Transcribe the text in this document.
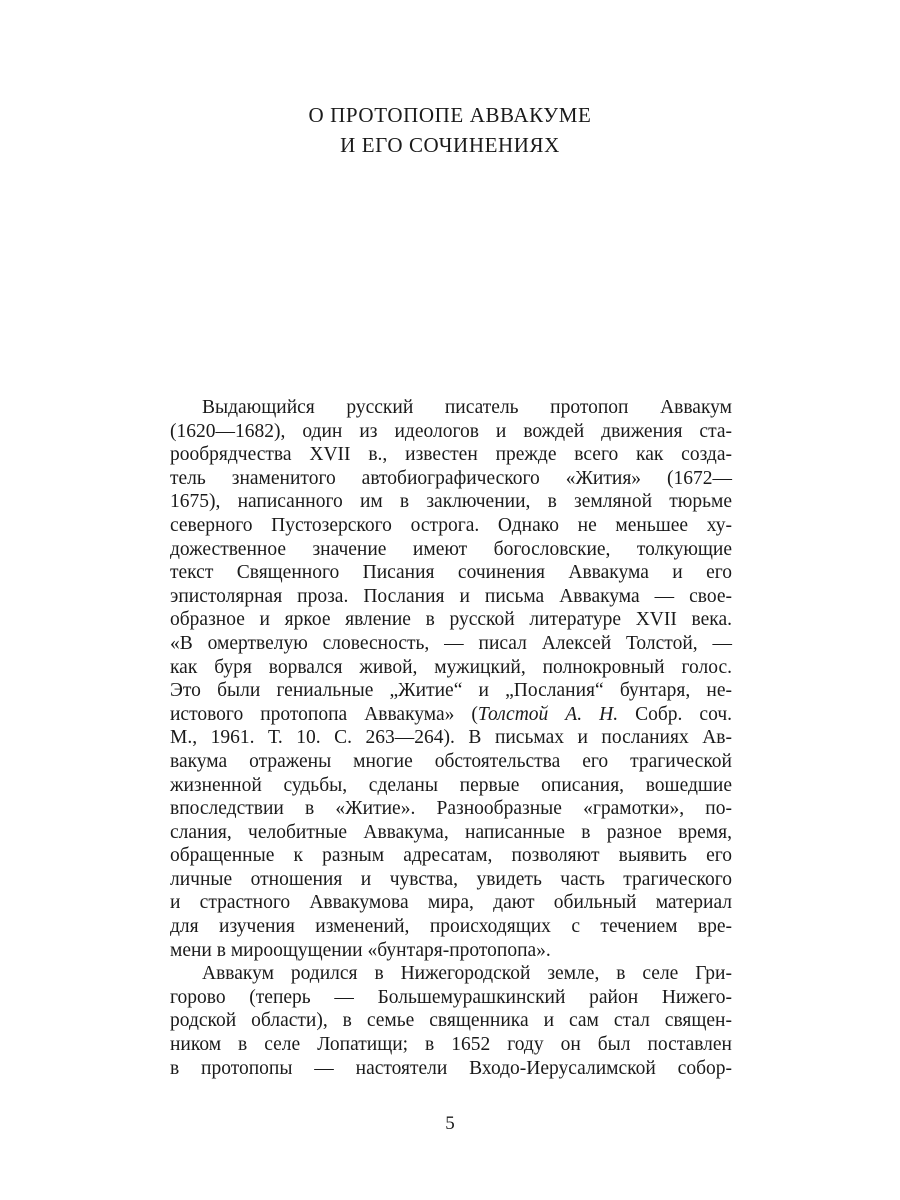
О ПРОТОПОПЕ АВВАКУМЕ
И ЕГО СОЧИНЕНИЯХ
Выдающийся русский писатель протопоп Аввакум
(1620—1682), один из идеологов и вождей движения ста-
рообрядчества XVII в., известен прежде всего как созда-
тель знаменитого автобиографического «Жития» (1672—
1675), написанного им в заключении, в земляной тюрьме
северного Пустозерского острога. Однако не меньшее ху-
дожественное значение имеют богословские, толкующие
текст Священного Писания сочинения Аввакума и его
эпистолярная проза. Послания и письма Аввакума — свое-
образное и яркое явление в русской литературе XVII века.
«В омертвелую словесность, — писал Алексей Толстой, —
как буря ворвался живой, мужицкий, полнокровный голос.
Это были гениальные „Житие“ и „Послания“ бунтаря, не-
истового протопопа Аввакума» (Толстой А. Н. Собр. соч.
М., 1961. Т. 10. С. 263—264). В письмах и посланиях Ав-
вакума отражены многие обстоятельства его трагической
жизненной судьбы, сделаны первые описания, вошедшие
впоследствии в «Житие». Разнообразные «грамотки», по-
слания, челобитные Аввакума, написанные в разное время,
обращенные к разным адресатам, позволяют выявить его
личные отношения и чувства, увидеть часть трагического
и страстного Аввакумова мира, дают обильный материал
для изучения изменений, происходящих с течением вре-
мени в мироощущении «бунтаря-протопопа».
Аввакум родился в Нижегородской земле, в селе Гри-
горово (теперь — Большемурашкинский район Нижего-
родской области), в семье священника и сам стал священ-
ником в селе Лопатищи; в 1652 году он был поставлен
в протопопы — настоятели Входо-Иерусалимской собор-
5
